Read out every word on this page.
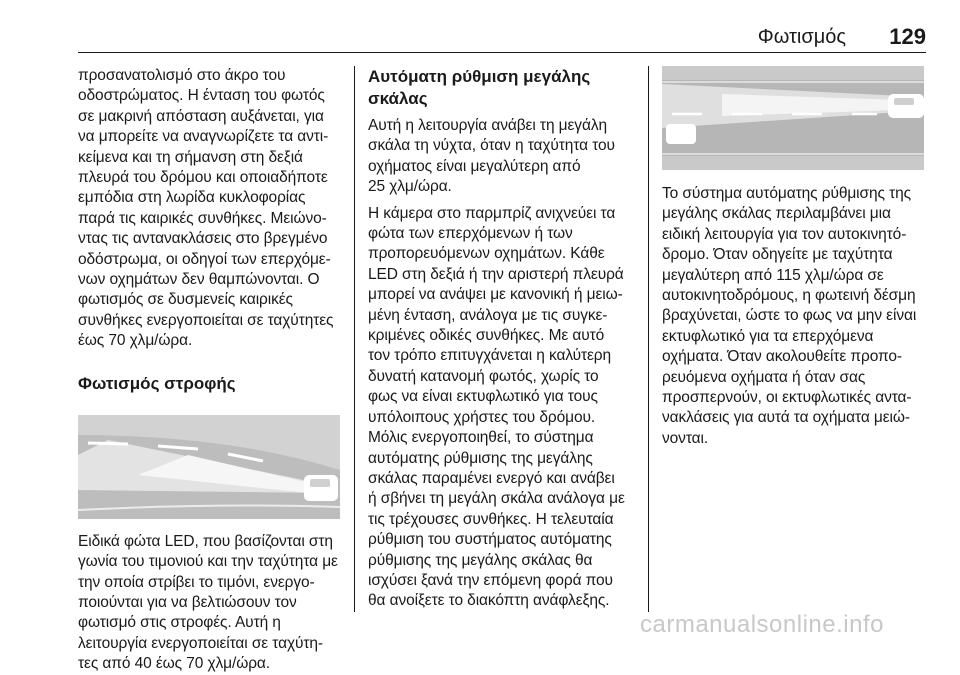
Φωτισμός	129

προσανατολισμό στο άκρο του
οδοστρώματος. Η ένταση του φωτός
σε μακρινή απόσταση αυξάνεται, για
να μπορείτε να αναγνωρίζετε τα αντι-
κείμενα και τη σήμανση στη δεξιά
πλευρά του δρόμου και οποιαδήποτε
εμπόδια στη λωρίδα κυκλοφορίας
παρά τις καιρικές συνθήκες. Μειώνο-
ντας τις αντανακλάσεις στο βρεγμένο
οδόστρωμα, οι οδηγοί των επερχόμε-
νων οχημάτων δεν θαμπώνονται. Ο
φωτισμός σε δυσμενείς καιρικές
συνθήκες ενεργοποιείται σε ταχύτητες
έως 70 χλμ/ώρα.

Φωτισμός στροφής

Ειδικά φώτα LED, που βασίζονται στη
γωνία του τιμονιού και την ταχύτητα με
την οποία στρίβει το τιμόνι, ενεργο-
ποιούνται για να βελτιώσουν τον
φωτισμό στις στροφές. Αυτή η
λειτουργία ενεργοποιείται σε ταχύτη-
τες από 40 έως 70 χλμ/ώρα.

Αυτόματη ρύθμιση μεγάλης
σκάλας

Αυτή η λειτουργία ανάβει τη μεγάλη
σκάλα τη νύχτα, όταν η ταχύτητα του
οχήματος είναι μεγαλύτερη από
25 χλμ/ώρα.

Η κάμερα στο παρμπρίζ ανιχνεύει τα
φώτα των επερχόμενων ή των
προπορευόμενων οχημάτων. Κάθε
LED στη δεξιά ή την αριστερή πλευρά
μπορεί να ανάψει με κανονική ή μειω-
μένη ένταση, ανάλογα με τις συγκε-
κριμένες οδικές συνθήκες. Με αυτό
τον τρόπο επιτυγχάνεται η καλύτερη
δυνατή κατανομή φωτός, χωρίς το
φως να είναι εκτυφλωτικό για τους
υπόλοιπους χρήστες του δρόμου.
Μόλις ενεργοποιηθεί, το σύστημα
αυτόματης ρύθμισης της μεγάλης
σκάλας παραμένει ενεργό και ανάβει
ή σβήνει τη μεγάλη σκάλα ανάλογα με
τις τρέχουσες συνθήκες. Η τελευταία
ρύθμιση του συστήματος αυτόματης
ρύθμισης της μεγάλης σκάλας θα
ισχύσει ξανά την επόμενη φορά που
θα ανοίξετε το διακόπτη ανάφλεξης.

Το σύστημα αυτόματης ρύθμισης της
μεγάλης σκάλας περιλαμβάνει μια
ειδική λειτουργία για τον αυτοκινητό-
δρομο. Όταν οδηγείτε με ταχύτητα
μεγαλύτερη από 115 χλμ/ώρα σε
αυτοκινητοδρόμους, η φωτεινή δέσμη
βραχύνεται, ώστε το φως να μην είναι
εκτυφλωτικό για τα επερχόμενα
οχήματα. Όταν ακολουθείτε προπο-
ρευόμενα οχήματα ή όταν σας
προσπερνούν, οι εκτυφλωτικές αντα-
νακλάσεις για αυτά τα οχήματα μειώ-
νονται.

carmanualsonline.info
